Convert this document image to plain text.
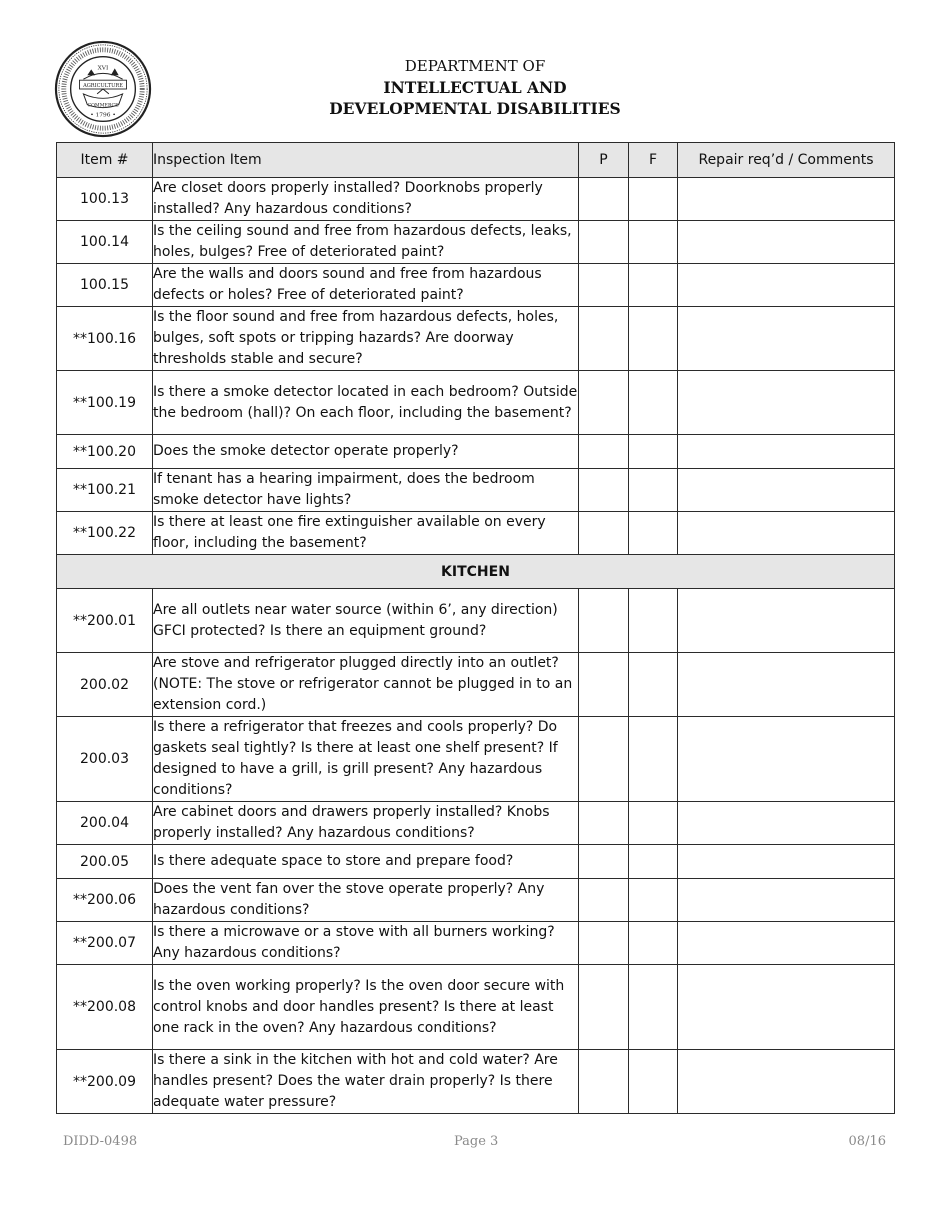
XVI
AGRICULTURE
COMMERCE
• 1796 •
DEPARTMENT OF
INTELLECTUAL AND
DEVELOPMENTAL DISABILITIES
Item #	Inspection Item	P	F	Repair req’d / Comments
100.13	Are closet doors properly installed? Doorknobs properly installed? Any hazardous conditions?			
100.14	Is the ceiling sound and free from hazardous defects, leaks, holes, bulges? Free of deteriorated paint?			
100.15	Are the walls and doors sound and free from hazardous defects or holes? Free of deteriorated paint?			
**100.16	Is the floor sound and free from hazardous defects, holes, bulges, soft spots or tripping hazards? Are doorway thresholds stable and secure?			
**100.19	Is there a smoke detector located in each bedroom? Outside the bedroom (hall)? On each floor, including the basement?			
**100.20	Does the smoke detector operate properly?			
**100.21	If tenant has a hearing impairment, does the bedroom smoke detector have lights?			
**100.22	Is there at least one fire extinguisher available on every floor, including the basement?			
KITCHEN				
**200.01	Are all outlets near water source (within 6’, any direction) GFCI protected? Is there an equipment ground?			
200.02	Are stove and refrigerator plugged directly into an outlet? (NOTE: The stove or refrigerator cannot be plugged in to an extension cord.)			
200.03	Is there a refrigerator that freezes and cools properly? Do gaskets seal tightly? Is there at least one shelf present? If designed to have a grill, is grill present? Any hazardous conditions?			
200.04	Are cabinet doors and drawers properly installed? Knobs properly installed? Any hazardous conditions?			
200.05	Is there adequate space to store and prepare food?			
**200.06	Does the vent fan over the stove operate properly? Any hazardous conditions?			
**200.07	Is there a microwave or a stove with all burners working? Any hazardous conditions?			
**200.08	Is the oven working properly? Is the oven door secure with control knobs and door handles present? Is there at least one rack in the oven? Any hazardous conditions?			
**200.09	Is there a sink in the kitchen with hot and cold water? Are handles present? Does the water drain properly? Is there adequate water pressure?			
DIDD-0498	Page 3	08/16
